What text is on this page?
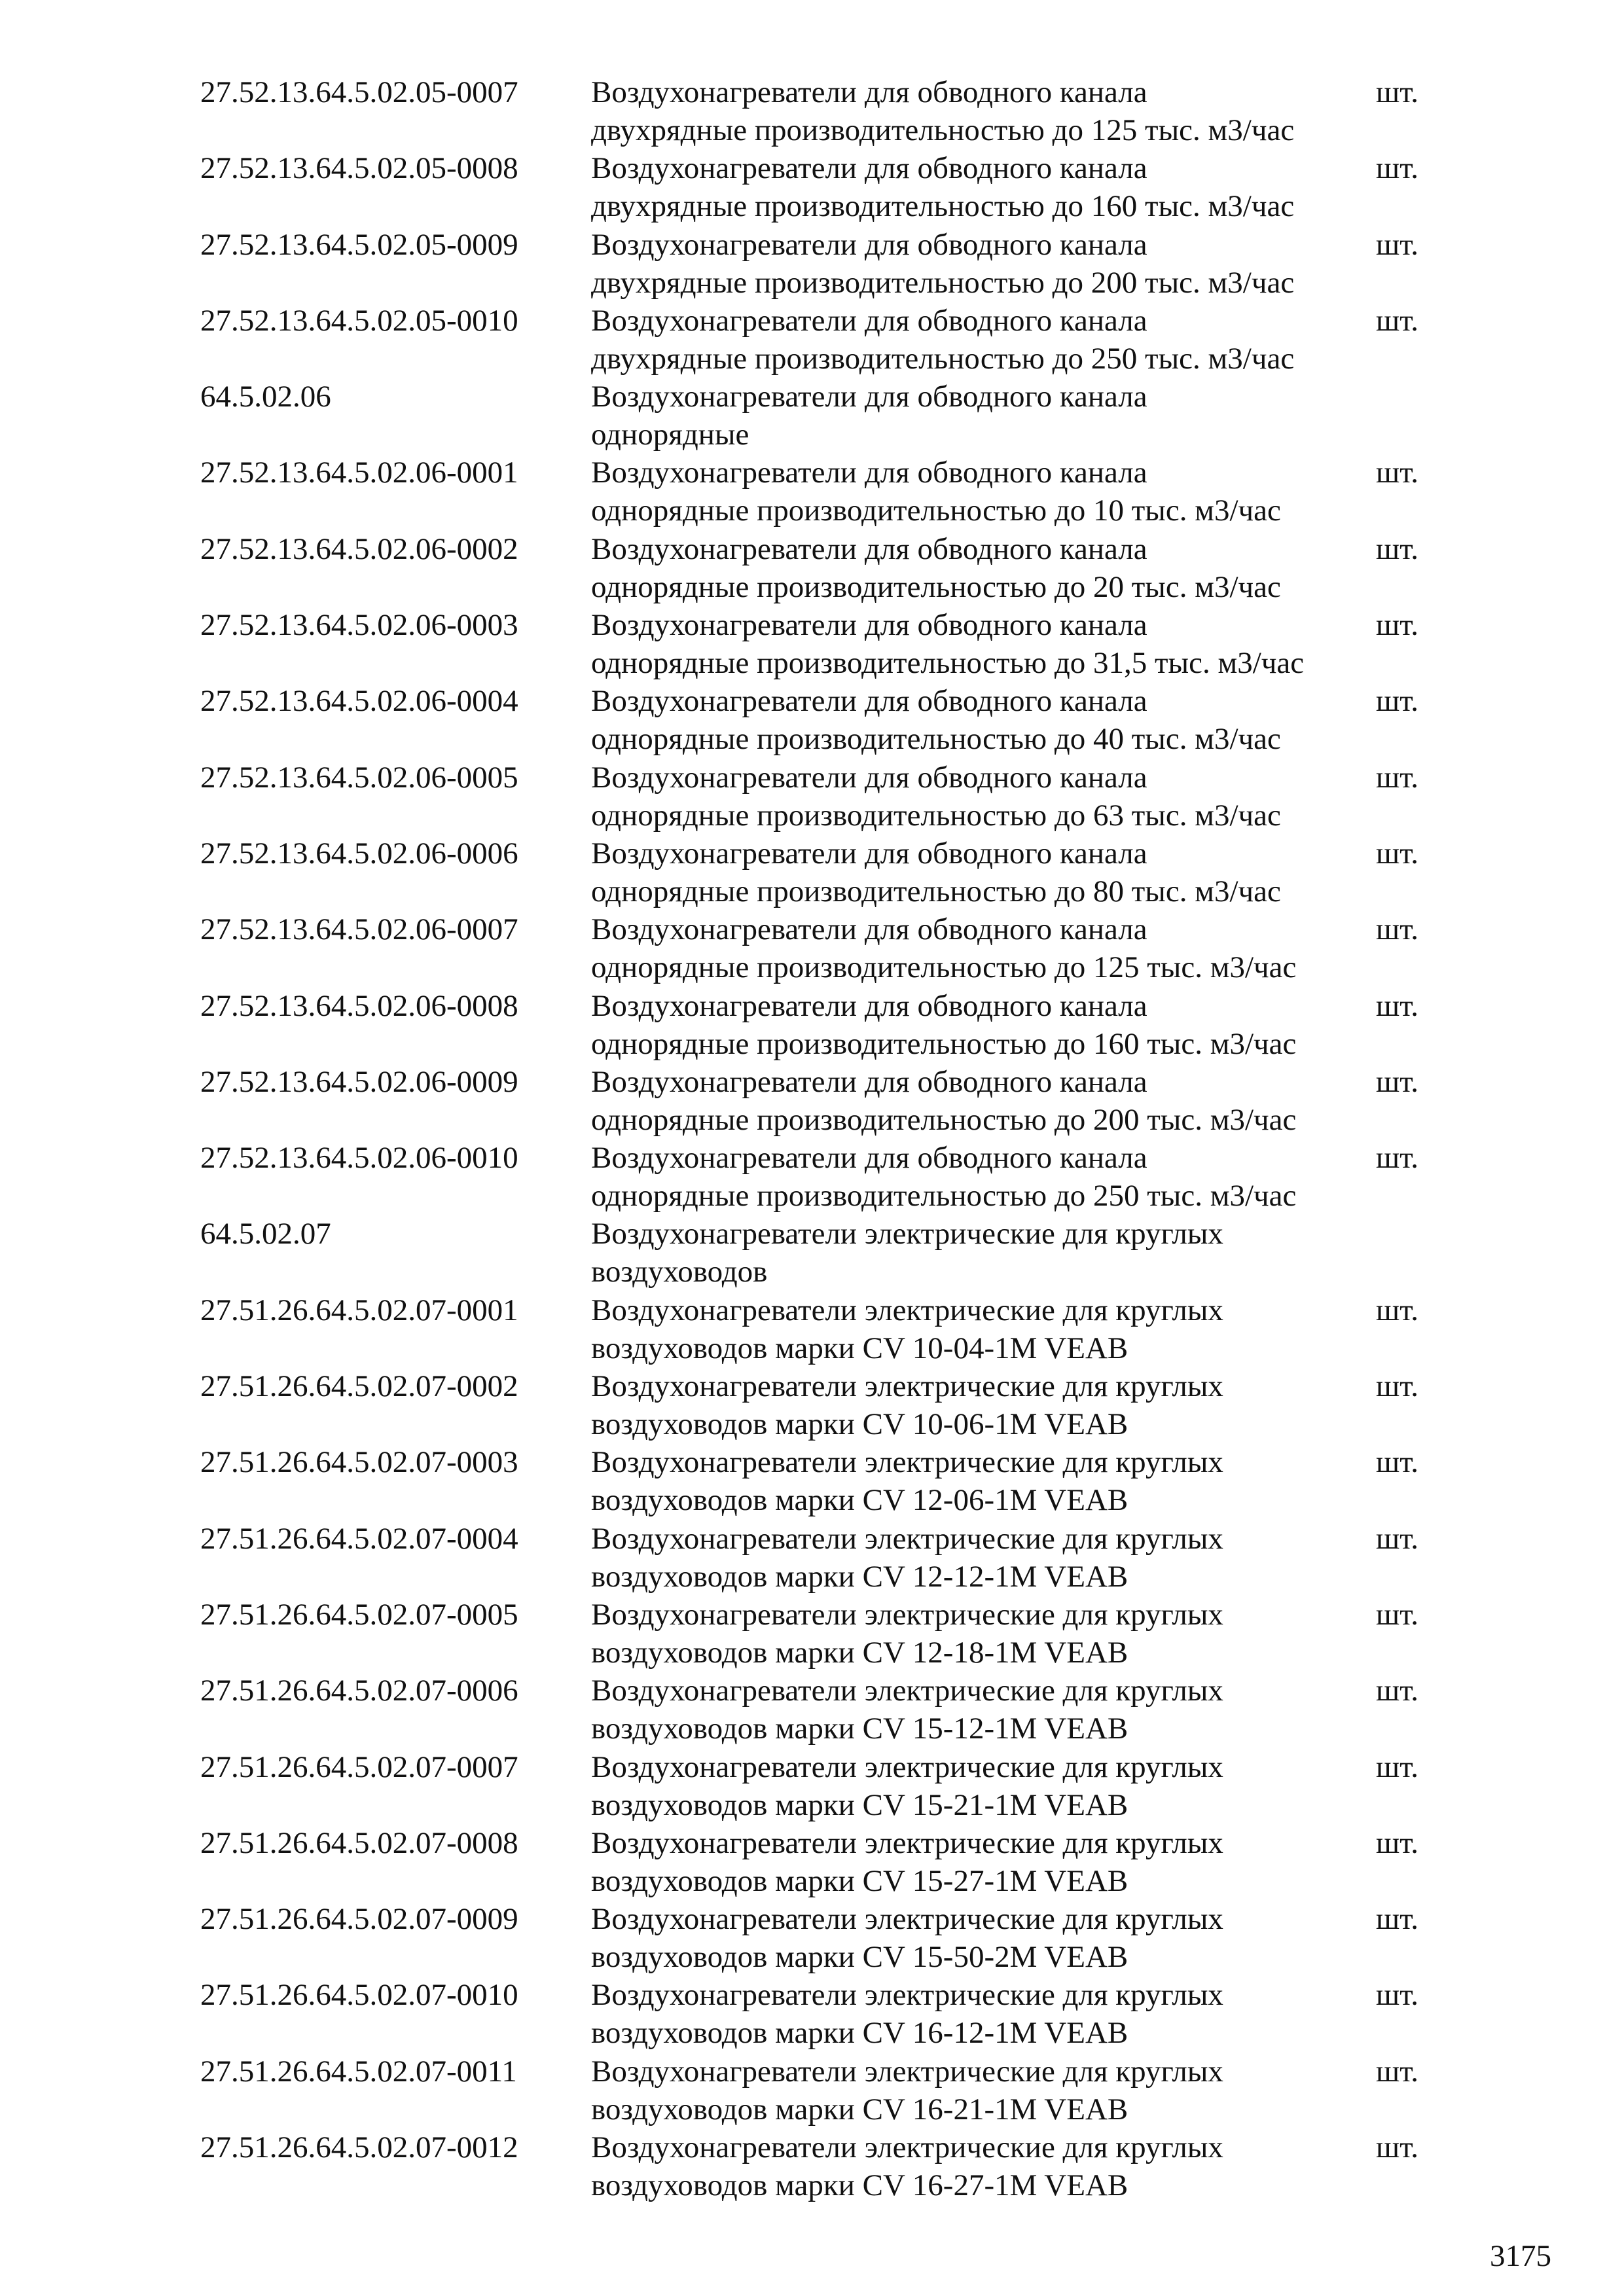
27.52.13.64.5.02.05-0007 Воздухонагреватели для обводного канала
двухрядные производительностью до 125 тыс. м3/час
шт.
27.52.13.64.5.02.05-0008 Воздухонагреватели для обводного канала
двухрядные производительностью до 160 тыс. м3/час
шт.
27.52.13.64.5.02.05-0009 Воздухонагреватели для обводного канала
двухрядные производительностью до 200 тыс. м3/час
шт.
27.52.13.64.5.02.05-0010 Воздухонагреватели для обводного канала
двухрядные производительностью до 250 тыс. м3/час
шт.
64.5.02.06	Воздухонагреватели для обводного канала
однорядные
27.52.13.64.5.02.06-0001 Воздухонагреватели для обводного канала
однорядные производительностью до 10 тыс. м3/час
шт.
27.52.13.64.5.02.06-0002 Воздухонагреватели для обводного канала
однорядные производительностью до 20 тыс. м3/час
шт.
27.52.13.64.5.02.06-0003 Воздухонагреватели для обводного канала
однорядные производительностью до 31,5 тыс. м3/час
шт.
27.52.13.64.5.02.06-0004 Воздухонагреватели для обводного канала
однорядные производительностью до 40 тыс. м3/час
шт.
27.52.13.64.5.02.06-0005 Воздухонагреватели для обводного канала
однорядные производительностью до 63 тыс. м3/час
шт.
27.52.13.64.5.02.06-0006 Воздухонагреватели для обводного канала
однорядные производительностью до 80 тыс. м3/час
шт.
27.52.13.64.5.02.06-0007 Воздухонагреватели для обводного канала
однорядные производительностью до 125 тыс. м3/час
шт.
27.52.13.64.5.02.06-0008 Воздухонагреватели для обводного канала
однорядные производительностью до 160 тыс. м3/час
шт.
27.52.13.64.5.02.06-0009 Воздухонагреватели для обводного канала
однорядные производительностью до 200 тыс. м3/час
шт.
27.52.13.64.5.02.06-0010 Воздухонагреватели для обводного канала
однорядные производительностью до 250 тыс. м3/час
шт.
64.5.02.07	Воздухонагреватели электрические для круглых
воздуховодов
27.51.26.64.5.02.07-0001 Воздухонагреватели электрические для круглых
воздуховодов марки CV 10-04-1M VEAB
шт.
27.51.26.64.5.02.07-0002 Воздухонагреватели электрические для круглых
воздуховодов марки CV 10-06-1M VEAB
шт.
27.51.26.64.5.02.07-0003 Воздухонагреватели электрические для круглых
воздуховодов марки CV 12-06-1M VEAB
шт.
27.51.26.64.5.02.07-0004 Воздухонагреватели электрические для круглых
воздуховодов марки CV 12-12-1M VEAB
шт.
27.51.26.64.5.02.07-0005 Воздухонагреватели электрические для круглых
воздуховодов марки CV 12-18-1M VEAB
шт.
27.51.26.64.5.02.07-0006 Воздухонагреватели электрические для круглых
воздуховодов марки CV 15-12-1M VEAB
шт.
27.51.26.64.5.02.07-0007 Воздухонагреватели электрические для круглых
воздуховодов марки CV 15-21-1M VEAB
шт.
27.51.26.64.5.02.07-0008 Воздухонагреватели электрические для круглых
воздуховодов марки CV 15-27-1M VEAB
шт.
27.51.26.64.5.02.07-0009 Воздухонагреватели электрические для круглых
воздуховодов марки CV 15-50-2M VEAB
шт.
27.51.26.64.5.02.07-0010 Воздухонагреватели электрические для круглых
воздуховодов марки CV 16-12-1M VEAB
шт.
27.51.26.64.5.02.07-0011 Воздухонагреватели электрические для круглых
воздуховодов марки CV 16-21-1M VEAB
шт.
27.51.26.64.5.02.07-0012 Воздухонагреватели электрические для круглых
воздуховодов марки CV 16-27-1M VEAB
шт.
3175
